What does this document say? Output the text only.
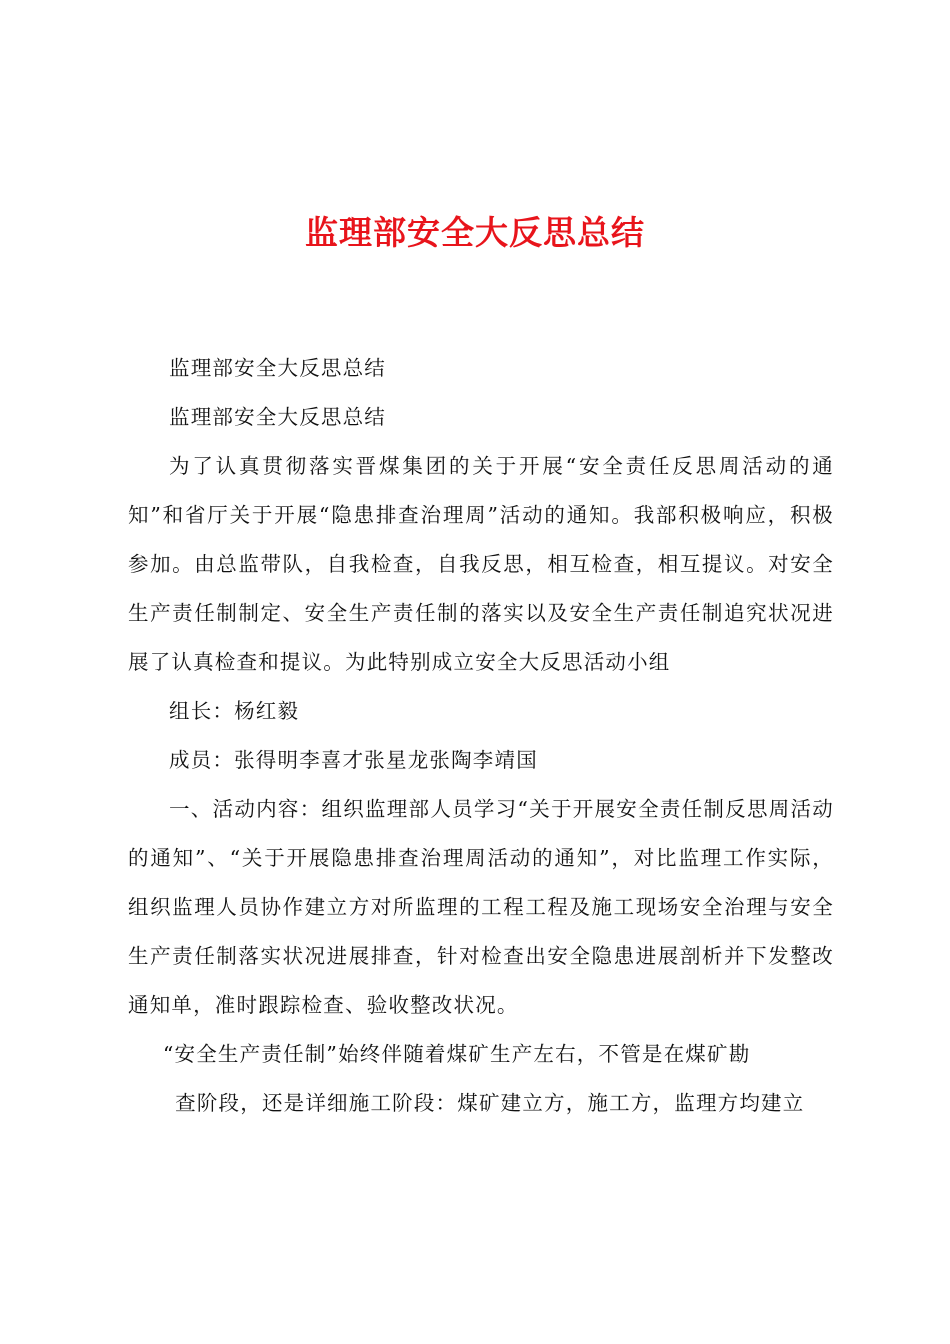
监理部安全大反思总结

监理部安全大反思总结

监理部安全大反思总结

为了认真贯彻落实晋煤集团的关于开展“安全责任反思周活动的通知”和省厅关于开展“隐患排查治理周”活动的通知。我部积极响应，积极参加。由总监带队，自我检查，自我反思，相互检查，相互提议。对安全生产责任制制定、安全生产责任制的落实以及安全生产责任制追究状况进展了认真检查和提议。为此特别成立安全大反思活动小组

组长：杨红毅

成员：张得明李喜才张星龙张陶李靖国

一、活动内容：组织监理部人员学习“关于开展安全责任制反思周活动的通知”、“关于开展隐患排查治理周活动的通知”，对比监理工作实际，组织监理人员协作建立方对所监理的工程工程及施工现场安全治理与安全生产责任制落实状况进展排查，针对检查出安全隐患进展剖析并下发整改通知单，准时跟踪检查、验收整改状况。

“安全生产责任制”始终伴随着煤矿生产左右，不管是在煤矿勘

查阶段，还是详细施工阶段：煤矿建立方，施工方，监理方均建立
